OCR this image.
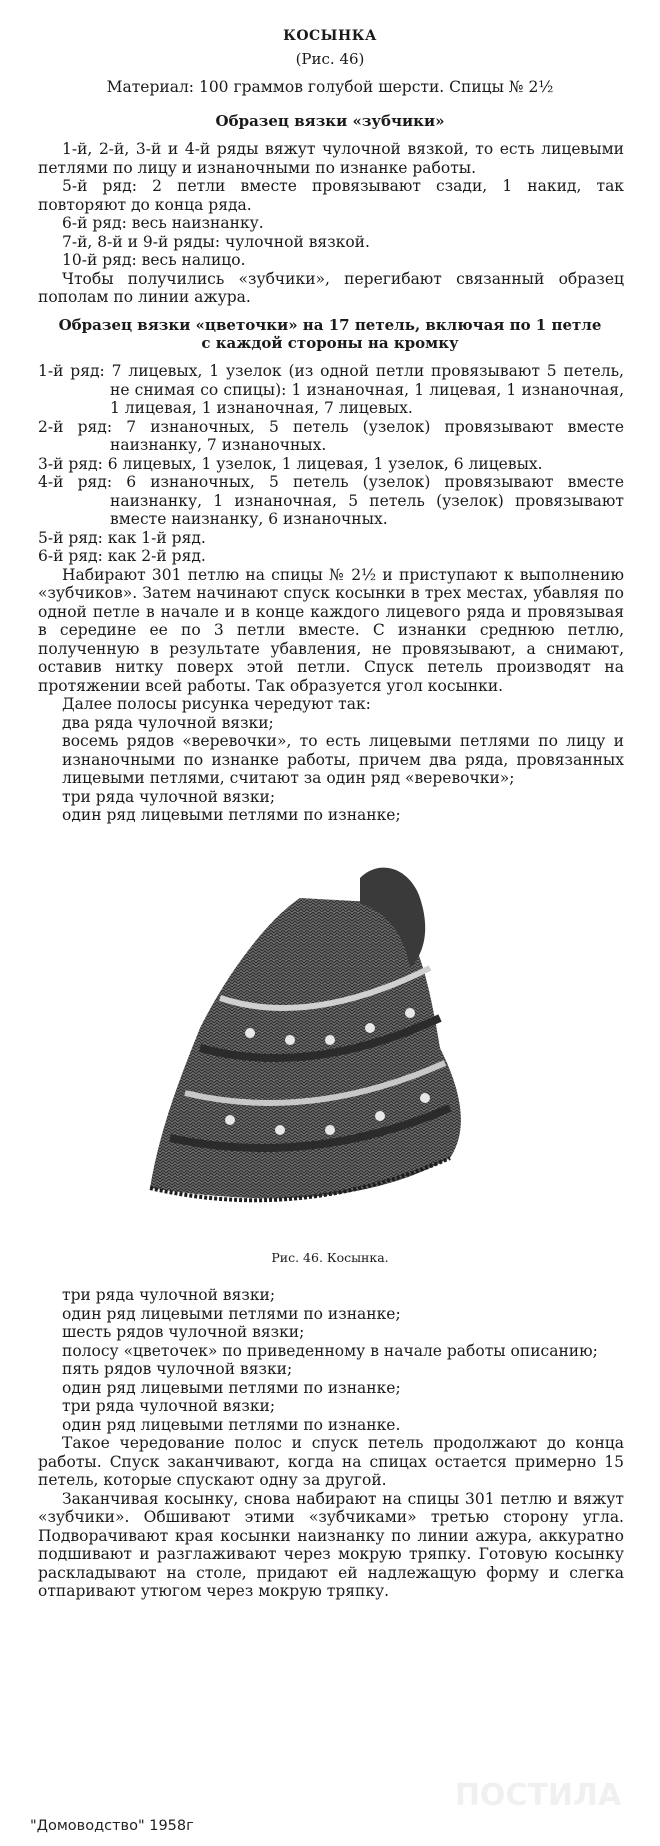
КОСЫНКА
(Рис. 46)
Материал: 100 граммов голубой шерсти. Спицы № 2½
Образец вязки «зубчики»

1-й, 2-й, 3-й и 4-й ряды вяжут чулочной вязкой, то есть лицевыми петлями по лицу и изнаночными по изнанке работы.

5-й ряд: 2 петли вместе провязывают сзади, 1 накид, так повторяют до конца ряда.

6-й ряд: весь наизнанку.

7-й, 8-й и 9-й ряды: чулочной вязкой.

10-й ряд: весь налицо.

Чтобы получились «зубчики», перегибают связанный образец пополам по линии ажура.

Образец вязки «цветочки» на 17 петель, включая по 1 петле
с каждой стороны на кромку

1-й ряд: 7 лицевых, 1 узелок (из одной петли провязывают 5 петель, не снимая со спицы): 1 изнаночная, 1 лицевая, 1 изнаночная, 1 лицевая, 1 изнаночная, 7 лицевых.

2-й ряд: 7 изнаночных, 5 петель (узелок) провязывают вместе наизнанку, 7 изнаночных.

3-й ряд: 6 лицевых, 1 узелок, 1 лицевая, 1 узелок, 6 лицевых.

4-й ряд: 6 изнаночных, 5 петель (узелок) провязывают вместе наизнанку, 1 изнаночная, 5 петель (узелок) провязывают вместе наизнанку, 6 изнаночных.

5-й ряд: как 1-й ряд.

6-й ряд: как 2-й ряд.

Набирают 301 петлю на спицы № 2½ и приступают к выполнению «зубчиков». Затем начинают спуск косынки в трех местах, убавляя по одной петле в начале и в конце каждого лицевого ряда и провязывая в середине ее по 3 петли вместе. С изнанки среднюю петлю, полученную в результате убавления, не провязывают, а снимают, оставив нитку поверх этой петли. Спуск петель производят на протяжении всей работы. Так образуется угол косынки.

Далее полосы рисунка чередуют так:

два ряда чулочной вязки;

восемь рядов «веревочки», то есть лицевыми петлями по лицу и изнаночными по изнанке работы, причем два ряда, провязанных лицевыми петлями, считают за один ряд «веревочки»;

три ряда чулочной вязки;

один ряд лицевыми петлями по изнанке;

Рис. 46. Косынка.

три ряда чулочной вязки;

один ряд лицевыми петлями по изнанке;

шесть рядов чулочной вязки;

полосу «цветочек» по приведенному в начале работы описанию;

пять рядов чулочной вязки;

один ряд лицевыми петлями по изнанке;

три ряда чулочной вязки;

один ряд лицевыми петлями по изнанке.

Такое чередование полос и спуск петель продолжают до конца работы. Спуск заканчивают, когда на спицах остается примерно 15 петель, которые спускают одну за другой.

Заканчивая косынку, снова набирают на спицы 301 петлю и вяжут «зубчики». Обшивают этими «зубчиками» третью сторону угла. Подворачивают края косынки наизнанку по линии ажура, аккуратно подшивают и разглаживают через мокрую тряпку. Готовую косынку раскладывают на столе, придают ей надлежащую форму и слегка отпаривают утюгом через мокрую тряпку.

ПОСТИЛА
"Домоводство" 1958г
